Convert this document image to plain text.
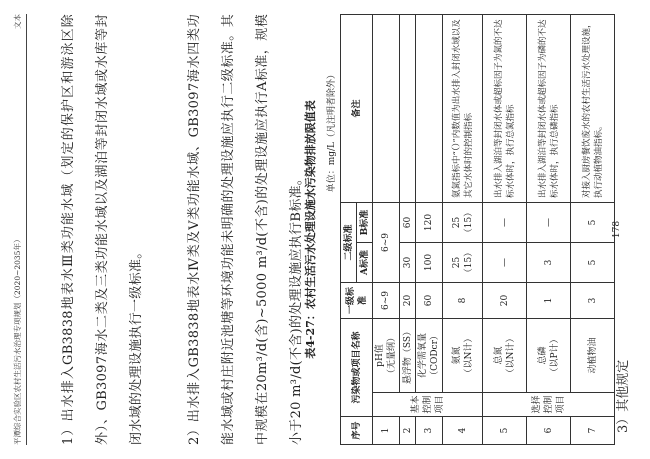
平潭综合实验区农村生活污水治理专项规划（2020~2035年）
文本	1）出水排入GB3838地表水Ⅲ类功能水域（划定的保护区和游泳区除外）、GB3097海水二类及三类功能水域以及湖泊等封闭水域或水库等封闭水域的处理设施执行一级标准。	2）出水排入GB3838地表水Ⅳ类及Ⅴ类功能水域、GB3097海水四类功能水域或村庄附近池塘等环境功能未明确的处理设施应执行二级标准。其中规模在20m³/d(含)~5000 m³/d(不含)的处理设施应执行A标准，规模小于20 m³/d(不含)的处理设施应执行B标准。 表4-27：农村生活污水处理设施水污染物排放限值表	单位：mg/L（凡注明者除外）
序号	污染物或项目名称		一级标准	二级标准		备注
				A标准	B标准	
1	基本控制项目	pH值 （无量纲）	6~9	6~9		
2		悬浮物（SS）	20	30	60	
3		化学需氧量 （CODcr）	60	100	120	
4		氨氮 （以N计）	8	25（15）	25（15）	氨氮指标中“（）”内数值为出水排入封闭水域以及其它水体时的控制指标
5	选择控制项目	总氮 （以N计）	20	—	—	出水排入湖泊等封闭水体或超标因子为氮的不达标水体时，执行总氮指标
6		总磷 （以P计）	1	3	—	出水排入湖泊等封闭水体或超标因子为磷的不达标水体时，执行总磷指标
7		动植物油	3	5	5	对接入厨房餐饮废水的农村生活污水处理设施，执行动植物油指标。
3）其他规定
178
